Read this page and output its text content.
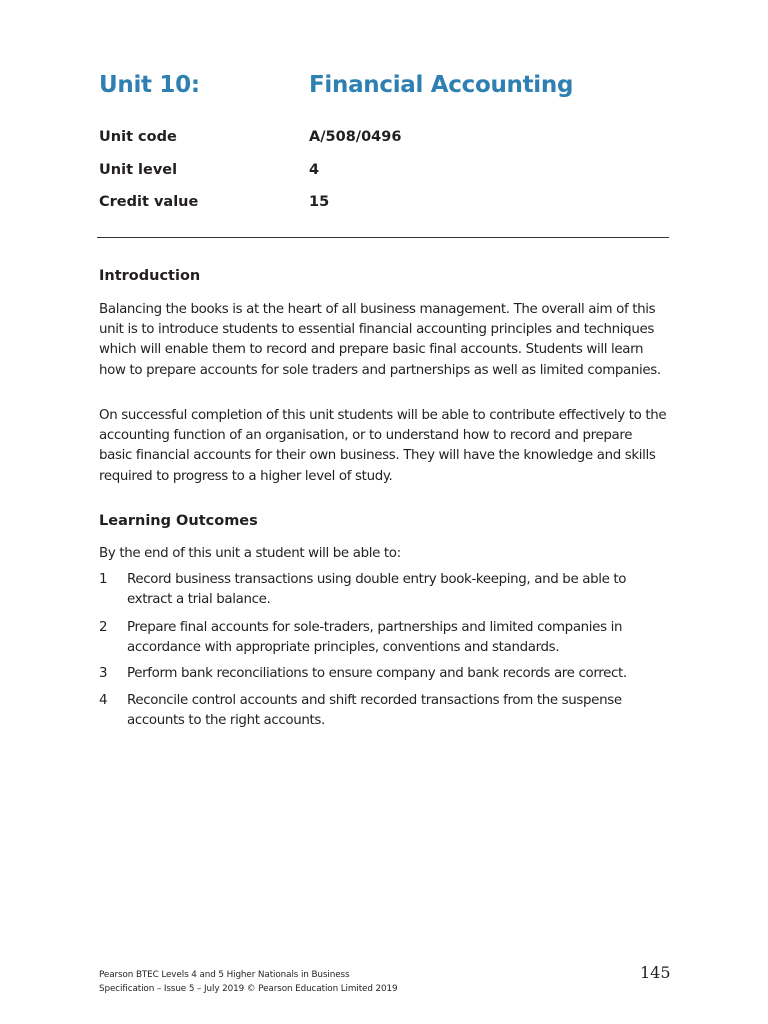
Unit 10:	Financial Accounting
Unit code	A/508/0496
Unit level	4
Credit value	15
Introduction

Balancing the books is at the heart of all business management. The overall aim of this unit is to introduce students to essential financial accounting principles and techniques which will enable them to record and prepare basic final accounts. Students will learn how to prepare accounts for sole traders and partnerships as well as limited companies.

On successful completion of this unit students will be able to contribute effectively to the accounting function of an organisation, or to understand how to record and prepare basic financial accounts for their own business. They will have the knowledge and skills required to progress to a higher level of study.

Learning Outcomes

By the end of this unit a student will be able to:

1 Record business transactions using double entry book-keeping, and be able to extract a trial balance.
2 Prepare final accounts for sole-traders, partnerships and limited companies in accordance with appropriate principles, conventions and standards.
3 Perform bank reconciliations to ensure company and bank records are correct.
4 Reconcile control accounts and shift recorded transactions from the suspense accounts to the right accounts.
Pearson BTEC Levels 4 and 5 Higher Nationals in Business
Specification – Issue 5 – July 2019 © Pearson Education Limited 2019
145
